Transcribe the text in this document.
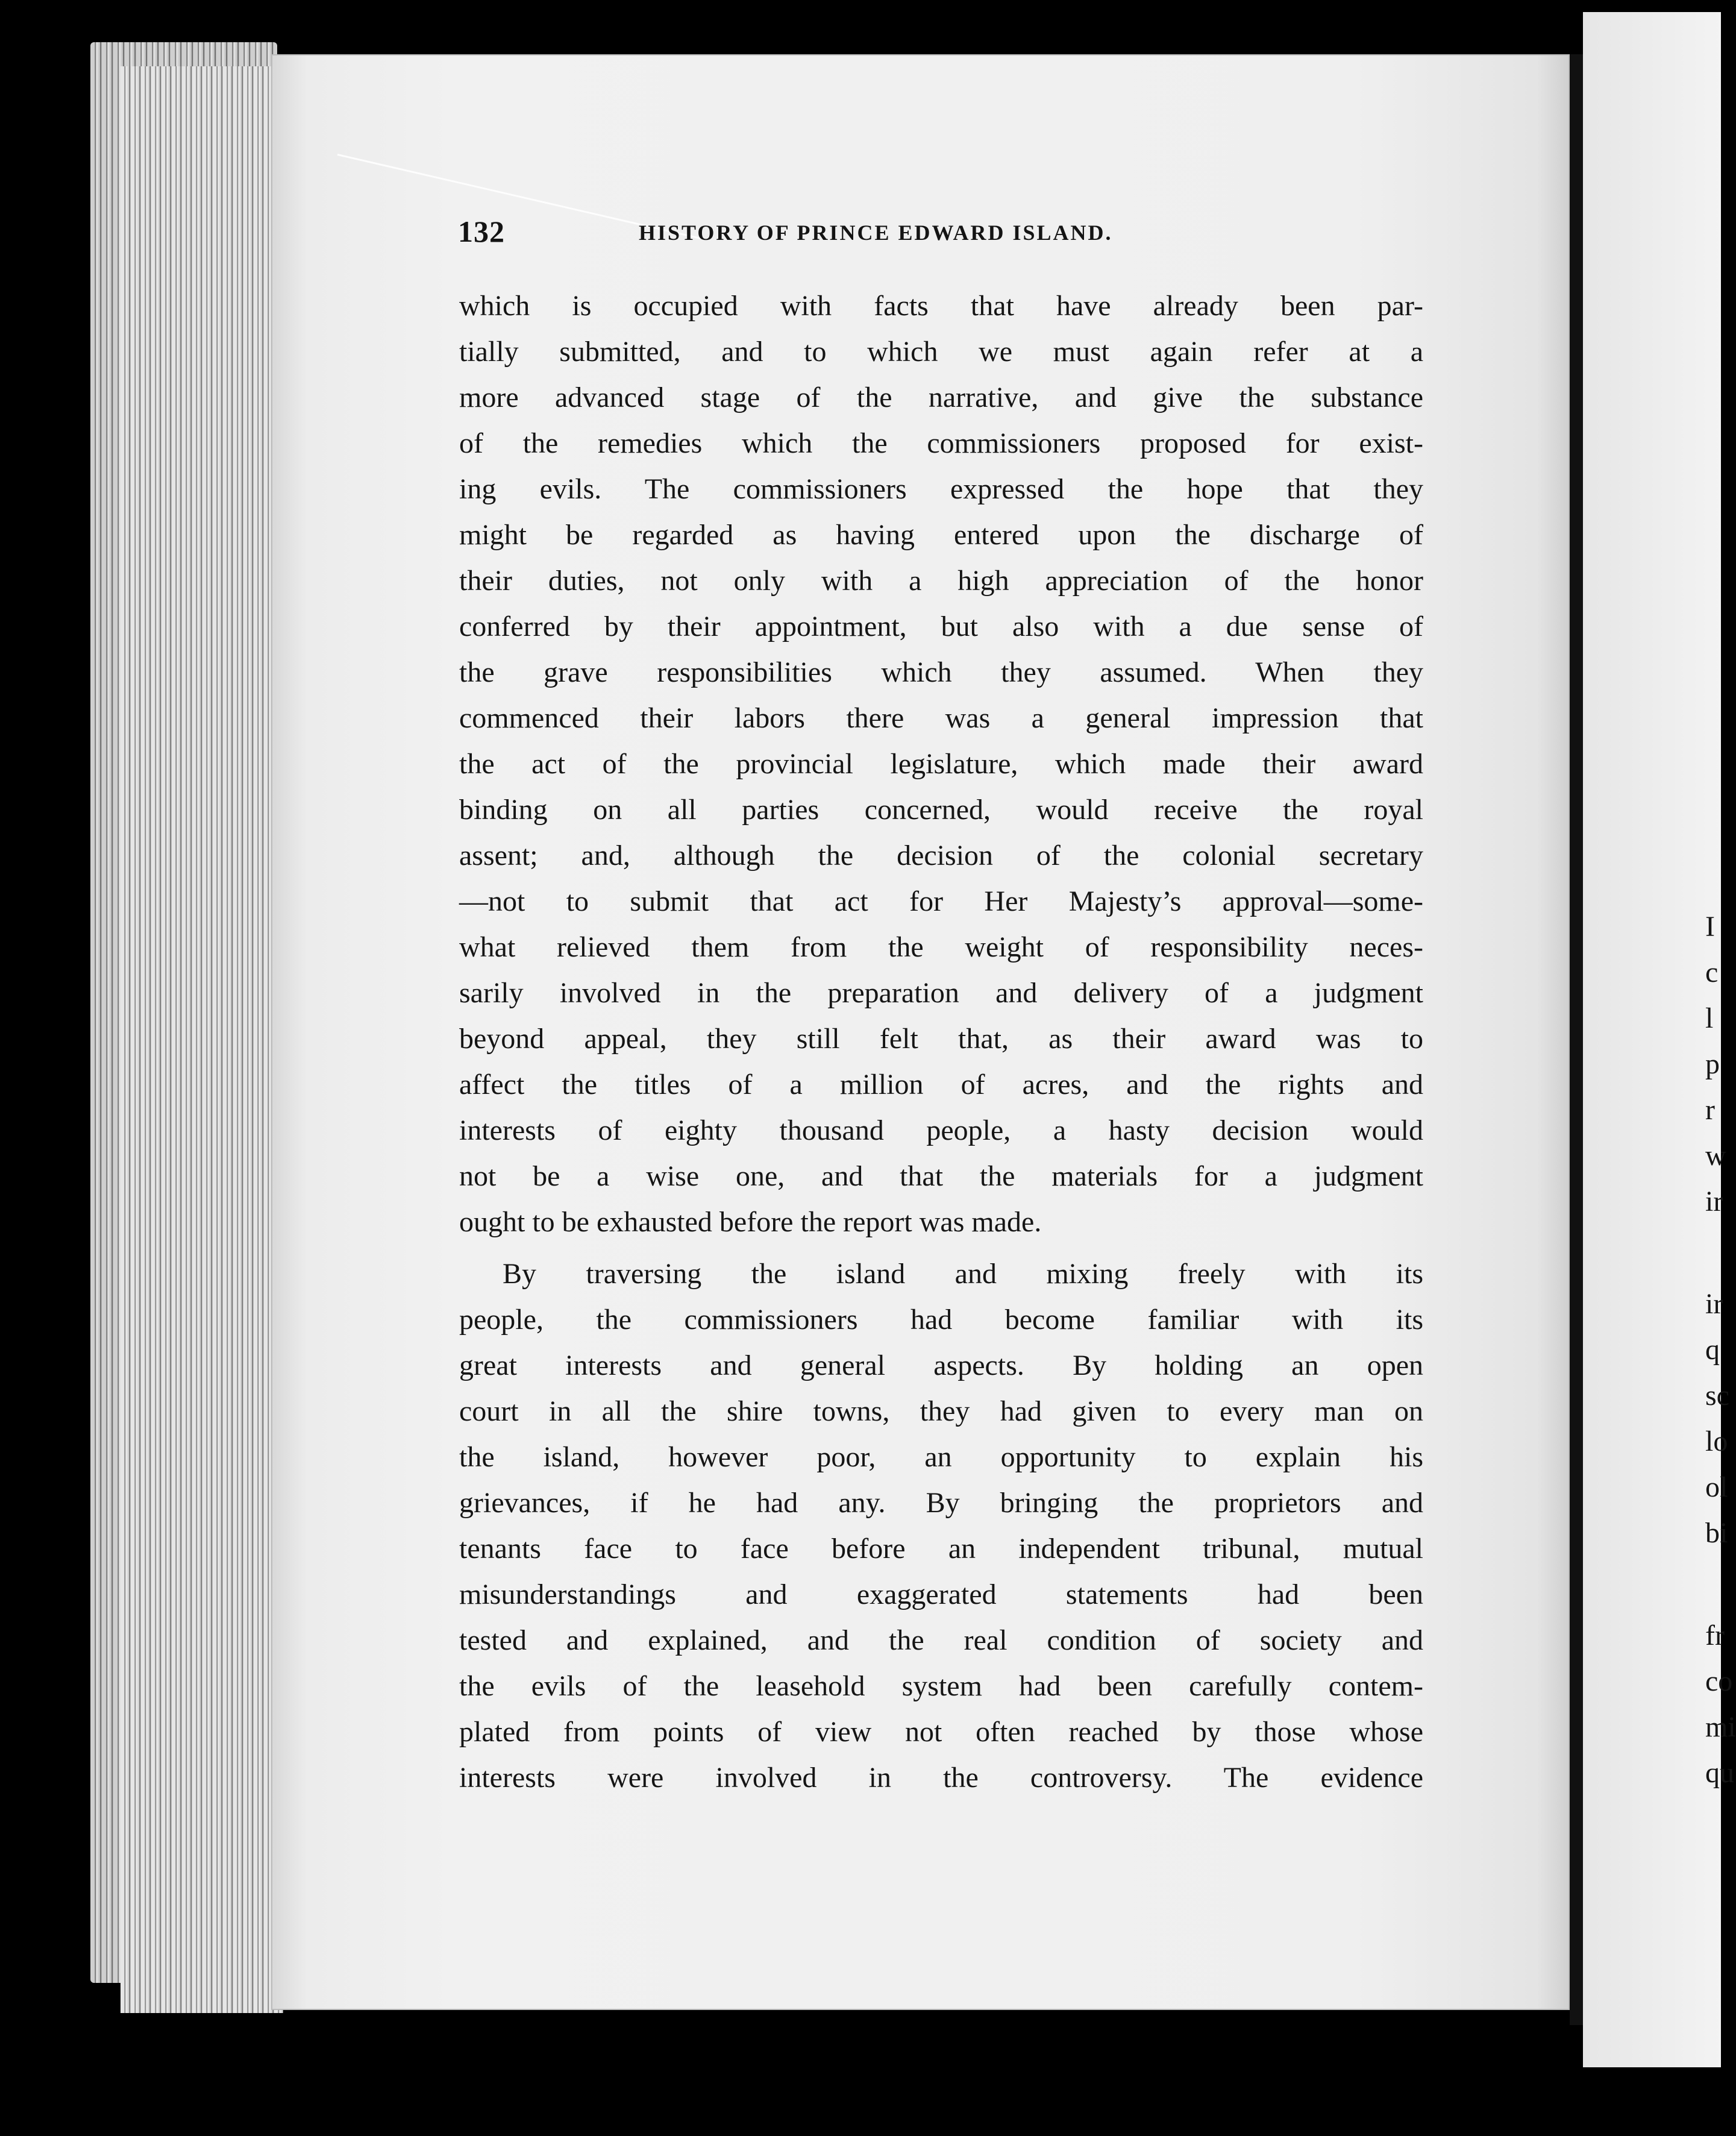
132	HISTORY OF PRINCE EDWARD ISLAND.
which is occupied with facts that have already been par-
tially submitted, and to which we must again refer at a
more advanced stage of the narrative, and give the substance
of the remedies which the commissioners proposed for exist-
ing evils. The commissioners expressed the hope that they
might be regarded as having entered upon the discharge of
their duties, not only with a high appreciation of the honor
conferred by their appointment, but also with a due sense of
the grave responsibilities which they assumed. When they
commenced their labors there was a general impression that
the act of the provincial legislature, which made their award
binding on all parties concerned, would receive the royal
assent; and, although the decision of the colonial secretary
—not to submit that act for Her Majesty’s approval—some-
what relieved them from the weight of responsibility neces-
sarily involved in the preparation and delivery of a judgment
beyond appeal, they still felt that, as their award was to
affect the titles of a million of acres, and the rights and
interests of eighty thousand people, a hasty decision would
not be a wise one, and that the materials for a judgment
ought to be exhausted before the report was made.
By traversing the island and mixing freely with its
people, the commissioners had become familiar with its
great interests and general aspects. By holding an open
court in all the shire towns, they had given to every man on
the island, however poor, an opportunity to explain his
grievances, if he had any. By bringing the proprietors and
tenants face to face before an independent tribunal, mutual
misunderstandings and exaggerated statements had been
tested and explained, and the real condition of society and
the evils of the leasehold system had been carefully contem-
plated from points of view not often reached by those whose
interests were involved in the controversy. The evidence
I
c
l
p
r
w
ir
ir
q
sc
lo
ol
bi
fr
co
mi
qu
